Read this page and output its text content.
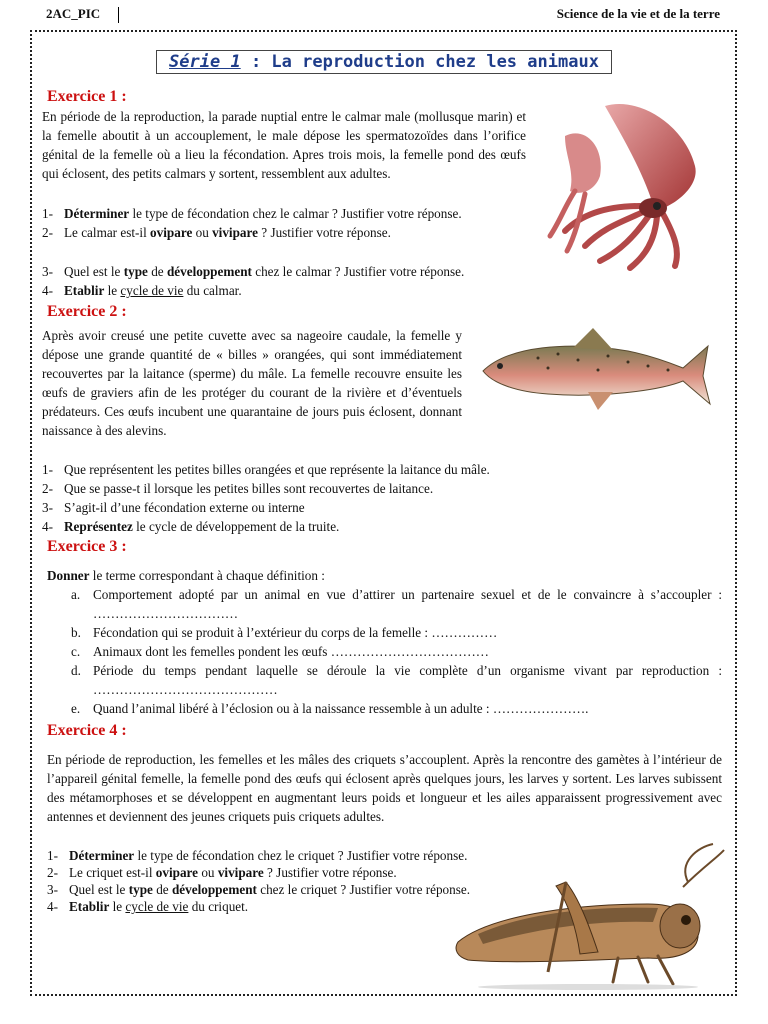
2AC_PIC	Science de la vie et de la terre
Série 1 : La reproduction chez les animaux
Exercice 1 :

En période de la reproduction, la parade nuptial entre le calmar male (mollusque marin) et la femelle aboutit à un accouplement, le male dépose les spermatozoïdes dans l’orifice génital de la femelle où a lieu la fécondation. Apres trois mois, la femelle pond des œufs qui éclosent, des petits calmars y sortent, ressemblent aux adultes.

1- Déterminer le type de fécondation chez le calmar ? Justifier votre réponse.
2- Le calmar est-il ovipare ou vivipare ? Justifier votre réponse.
3- Quel est le type de développement chez le calmar ? Justifier votre réponse.
4- Etablir le cycle de vie du calmar.
Exercice 2 :

Après avoir creusé une petite cuvette avec sa nageoire caudale, la femelle y dépose une grande quantité de « billes » orangées, qui sont immédiatement recouvertes par la laitance (sperme) du mâle. La femelle recouvre ensuite les œufs de graviers afin de les protéger du courant de la rivière et d’éventuels prédateurs. Ces œufs incubent une quarantaine de jours puis éclosent, donnant naissance à des alevins.

1- Que représentent les petites billes orangées et que représente la laitance du mâle.
2- Que se passe-t il lorsque les petites billes sont recouvertes de laitance.
3- S’agit-il d’une fécondation externe ou interne
4- Représentez le cycle de développement de la truite.
Exercice 3 :

Donner le terme correspondant à chaque définition :

a. Comportement adopté par un animal en vue d’attirer un partenaire sexuel et de le convaincre à s’accoupler : ……………………………
b. Fécondation qui se produit à l’extérieur du corps de la femelle : ……………
c. Animaux dont les femelles pondent les œufs ………………………………
d. Période du temps pendant laquelle se déroule la vie complète d’un organisme vivant par reproduction : ……………………………………
e. Quand l’animal libéré à l’éclosion ou à la naissance ressemble à un adulte : ………………….
Exercice 4 :

En période de reproduction, les femelles et les mâles des criquets s’accouplent. Après la rencontre des gamètes à l’intérieur de l’appareil génital femelle, la femelle pond des œufs qui éclosent après quelques jours, les larves y sortent. Les larves subissent des métamorphoses et se développent en augmentant leurs poids et longueur et les ailes apparaissent progressivement avec antennes et deviennent des jeunes criquets puis criquets adultes.

1- Déterminer le type de fécondation chez le criquet ? Justifier votre réponse.
2- Le criquet est-il ovipare ou vivipare ? Justifier votre réponse.
3- Quel est le type de développement chez le criquet ? Justifier votre réponse.
4- Etablir le cycle de vie du criquet.
